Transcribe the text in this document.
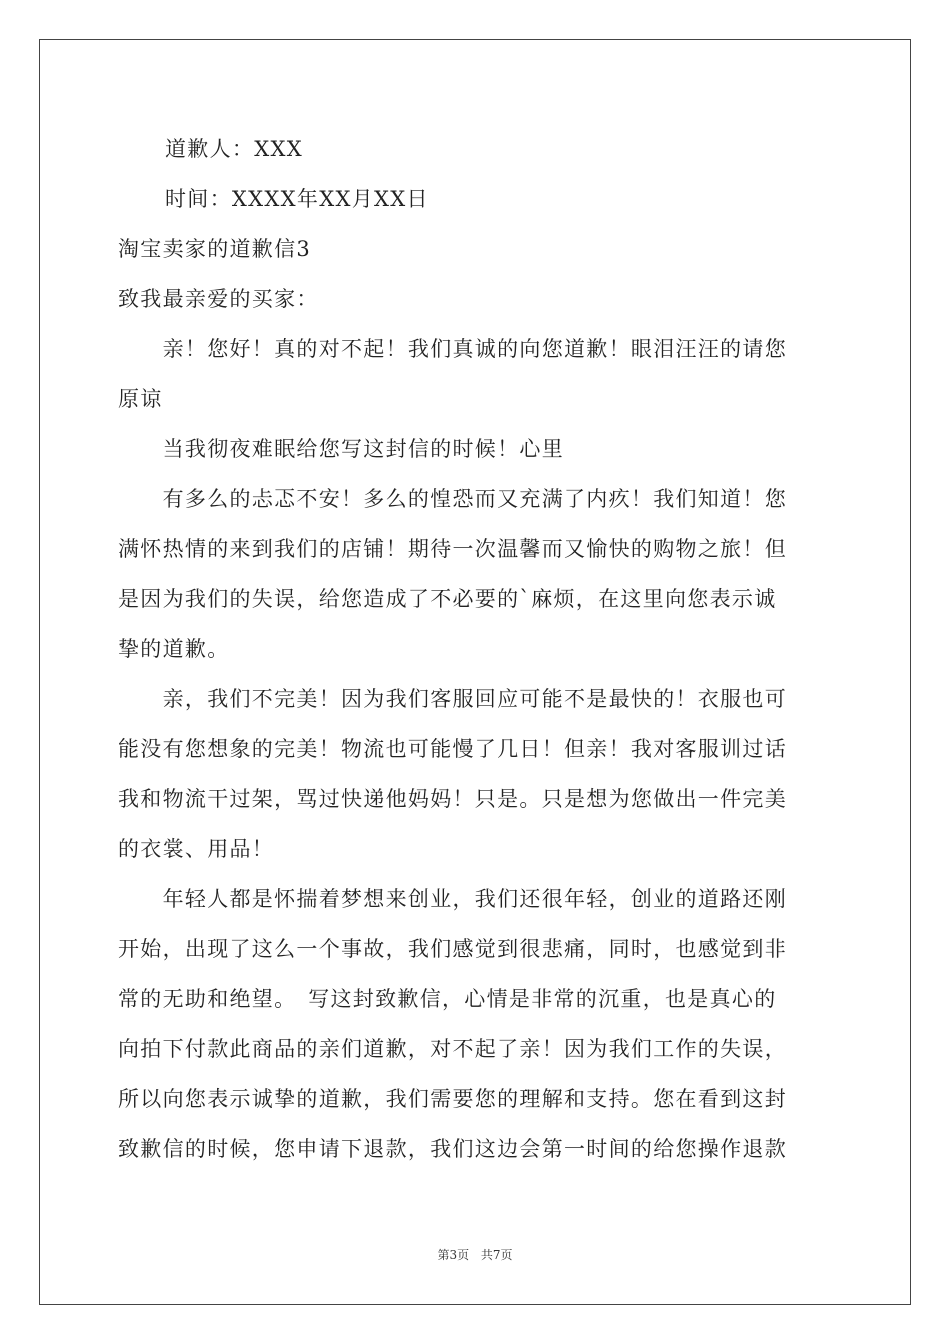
道歉人：XXX
时间：XXXX年XX月XX日
淘宝卖家的道歉信3
致我最亲爱的买家：
　　亲！您好！真的对不起！我们真诚的向您道歉！眼泪汪汪的请您
原谅
　　当我彻夜难眠给您写这封信的时候！心里
　　有多么的忐忑不安！多么的惶恐而又充满了内疚！我们知道！您
满怀热情的来到我们的店铺！期待一次温馨而又愉快的购物之旅！但
是因为我们的失误，给您造成了不必要的`麻烦，在这里向您表示诚
挚的道歉。
　　亲，我们不完美！因为我们客服回应可能不是最快的！衣服也可
能没有您想象的完美！物流也可能慢了几日！但亲！我对客服训过话
我和物流干过架，骂过快递他妈妈！只是。只是想为您做出一件完美
的衣裳、用品！
　　年轻人都是怀揣着梦想来创业，我们还很年轻，创业的道路还刚
开始，出现了这么一个事故，我们感觉到很悲痛，同时，也感觉到非
常的无助和绝望。　写这封致歉信，心情是非常的沉重，也是真心的
向拍下付款此商品的亲们道歉，对不起了亲！因为我们工作的失误，
所以向您表示诚挚的道歉，我们需要您的理解和支持。您在看到这封
致歉信的时候，您申请下退款，我们这边会第一时间的给您操作退款
第3页 共7页
